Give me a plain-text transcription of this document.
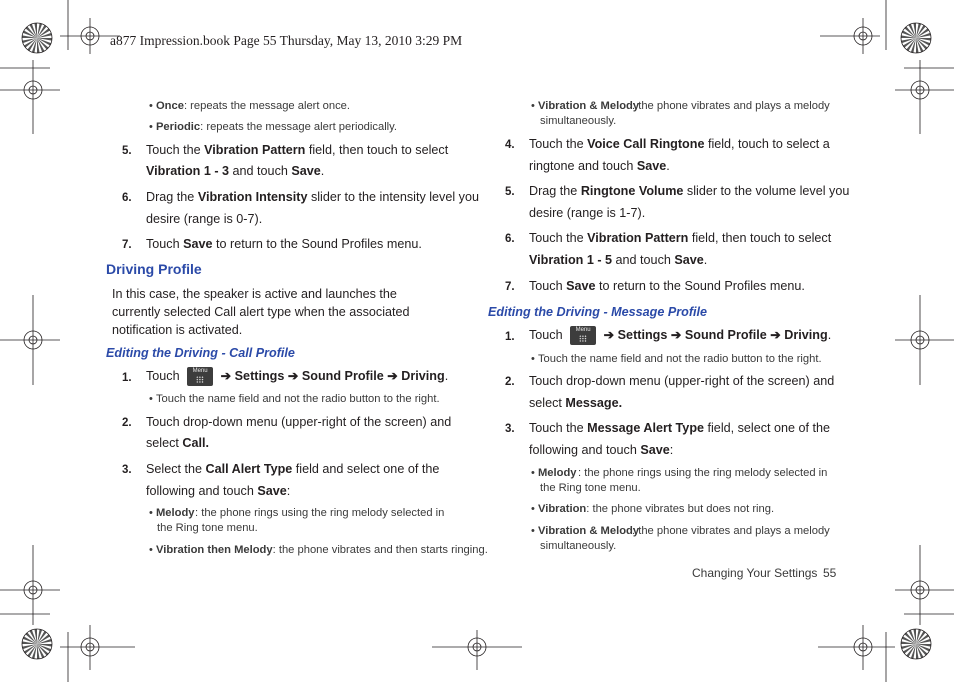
a877 Impression.book Page 55 Thursday, May 13, 2010 3:29 PM
• Once: repeats the message alert once.
• Periodic: repeats the message alert periodically.
5. Touch the Vibration Pattern field, then touch to select
Vibration 1 - 3 and touch Save.
6. Drag the Vibration Intensity slider to the intensity level you
desire (range is 0-7).
7. Touch Save to return to the Sound Profiles menu.
Driving Profile
In this case, the speaker is active and launches the currently selected Call alert type when the associated notification is activated.
Editing the Driving - Call Profile
1. Touch	Menu	➔ Settings ➔ Sound Profile ➔ Driving.
• Touch the name field and not the radio button to the right.
2. Touch drop-down menu (upper-right of the screen) and
select Call.
3. Select the Call Alert Type field and select one of the
following and touch Save:
• Melody : the phone rings using the ring melody selected in the Ring tone menu.
• Vibration then Melody: the phone vibrates and then starts ringing.
• Vibration & Melody
: the phone vibrates and plays a melody simultaneously.
4. Touch the Voice Call Ringtone field, touch to select a
ringtone and touch Save.
5. Drag the Ringtone Volume slider to the volume level you
desire (range is 1-7).
6. Touch the Vibration Pattern field, then touch to select
Vibration 1 - 5 and touch Save.
7. Touch Save to return to the Sound Profiles menu.
Editing the Driving - Message Profile
1. Touch	Menu	➔ Settings ➔ Sound Profile ➔ Driving.
• Touch the name field and not the radio button to the right.
2. Touch drop-down menu (upper-right of the screen) and
select Message.
3. Touch the Message Alert Type field, select one of the
following and touch Save:
• Melody : the phone rings using the ring melody selected in the Ring tone menu.
• Vibration: the phone vibrates but does not ring.
• Vibration & Melody
: the phone vibrates and plays a melody simultaneously.
Changing Your Settings 55
